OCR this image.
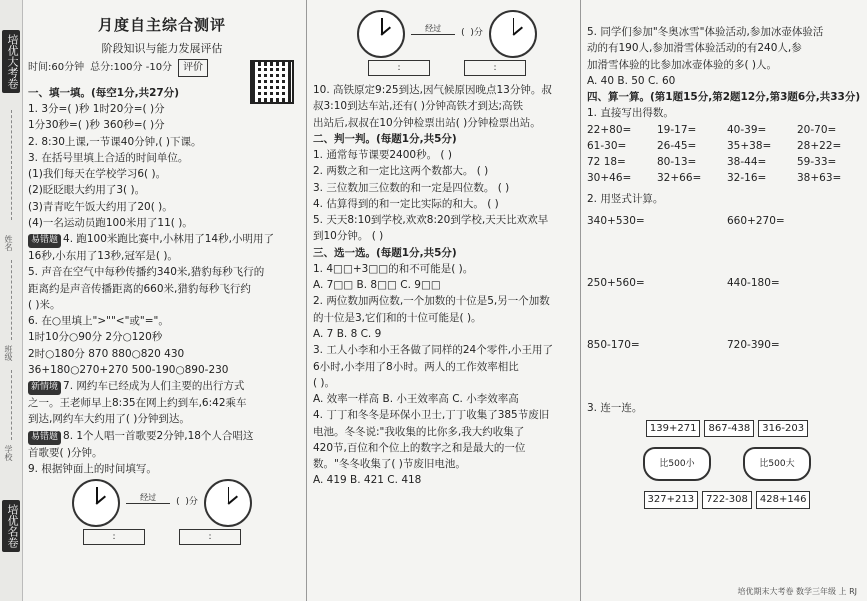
培优大考卷
姓名
班级
学校
培优名卷
月度自主综合测评
阶段知识与能力发展评估
时间:60分钟 总分:100分 -10分	评价
一、填一填。(每空1分,共27分)
1. 3分=( )秒 1时20分=( )分
1分30秒=( )秒 360秒=( )分
2. 8:30上课,一节课40分钟,( )下课。
3. 在括号里填上合适的时间单位。
(1)我们每天在学校学习6( )。
(2)眨眨眼大约用了3( )。
(3)青青吃午饭大约用了20( )。
(4)一名运动员跑100米用了11( )。
易错题 4. 跑100米跑比赛中,小林用了14秒,小明用了
16秒,小东用了13秒,冠军是( )。
5. 声音在空气中每秒传播约340米,猎豹每秒飞行的
距离约是声音传播距离的660米,猎豹每秒飞行约
( )米。
6. 在○里填上">""<"或"="。
1时10分○90分 2分○120秒
2时○180分 870 880○820 430
36+180○270+270 500-190○890-230
新情境 7. 网约车已经成为人们主要的出行方式
之一。王老师早上8:35在网上约到车,6:42乘车
到达,网约车大约用了( )分钟到达。
易错题 8. 1个人唱一首歌要2分钟,18个人合唱这
首歌要( )分钟。
9. 根据钟面上的时间填写。
经过
(  )分
:	:
经过
(  )分
:	:
10. 高铁原定9:25到达,因气候原因晚点13分钟。叔
叔3:10到达车站,还有( )分钟高铁才到达;高铁
出站后,叔叔在10分钟检票出站( )分钟检票出站。
二、判一判。(每题1分,共5分)
1. 通常每节课要2400秒。 ( )
2. 两数之和一定比这两个数都大。 ( )
3. 三位数加三位数的和一定是四位数。 ( )
4. 估算得到的和一定比实际的和大。 ( )
5. 天天8:10到学校,欢欢8:20到学校,天天比欢欢早
到10分钟。 ( )
三、选一选。(每题1分,共5分)
1. 4□□+3□□的和不可能是( )。
A. 7□□ B. 8□□ C. 9□□
2. 两位数加两位数,一个加数的十位是5,另一个加数
的十位是3,它们和的十位可能是( )。
A. 7 B. 8 C. 9
3. 工人小李和小王各做了同样的24个零件,小王用了
6小时,小李用了8小时。两人的工作效率相比
( )。
A. 效率一样高 B. 小王效率高 C. 小李效率高
4. 丁丁和冬冬是环保小卫士,丁丁收集了385节废旧
电池。冬冬说:"我收集的比你多,我大约收集了
420节,百位和个位上的数字之和是最大的一位
数。"冬冬收集了( )节废旧电池。
A. 419 B. 421 C. 418
5. 同学们参加"冬奥冰雪"体验活动,参加冰壶体验活
动的有190人,参加滑雪体验活动的有240人,参
加滑雪体验的比参加冰壶体验的多( )人。
A. 40 B. 50 C. 60
四、算一算。(第1题15分,第2题12分,第3题6分,共33分)
1. 直接写出得数。
22+80=	19-17=	40-39=	20-70=
61-30=	26-45=	35+38=	28+22=
72 18=	80-13=	38-44=	59-33=
30+46=	32+66=	32-16=	38+63=
2. 用竖式计算。
340+530=	660+270=
250+560=	440-180=
850-170=	720-390=
3. 连一连。
139+271	867-438	316-203
比500小	比500大
327+213	722-308	428+146
培优期末大考卷 数学三年级 上 RJ
